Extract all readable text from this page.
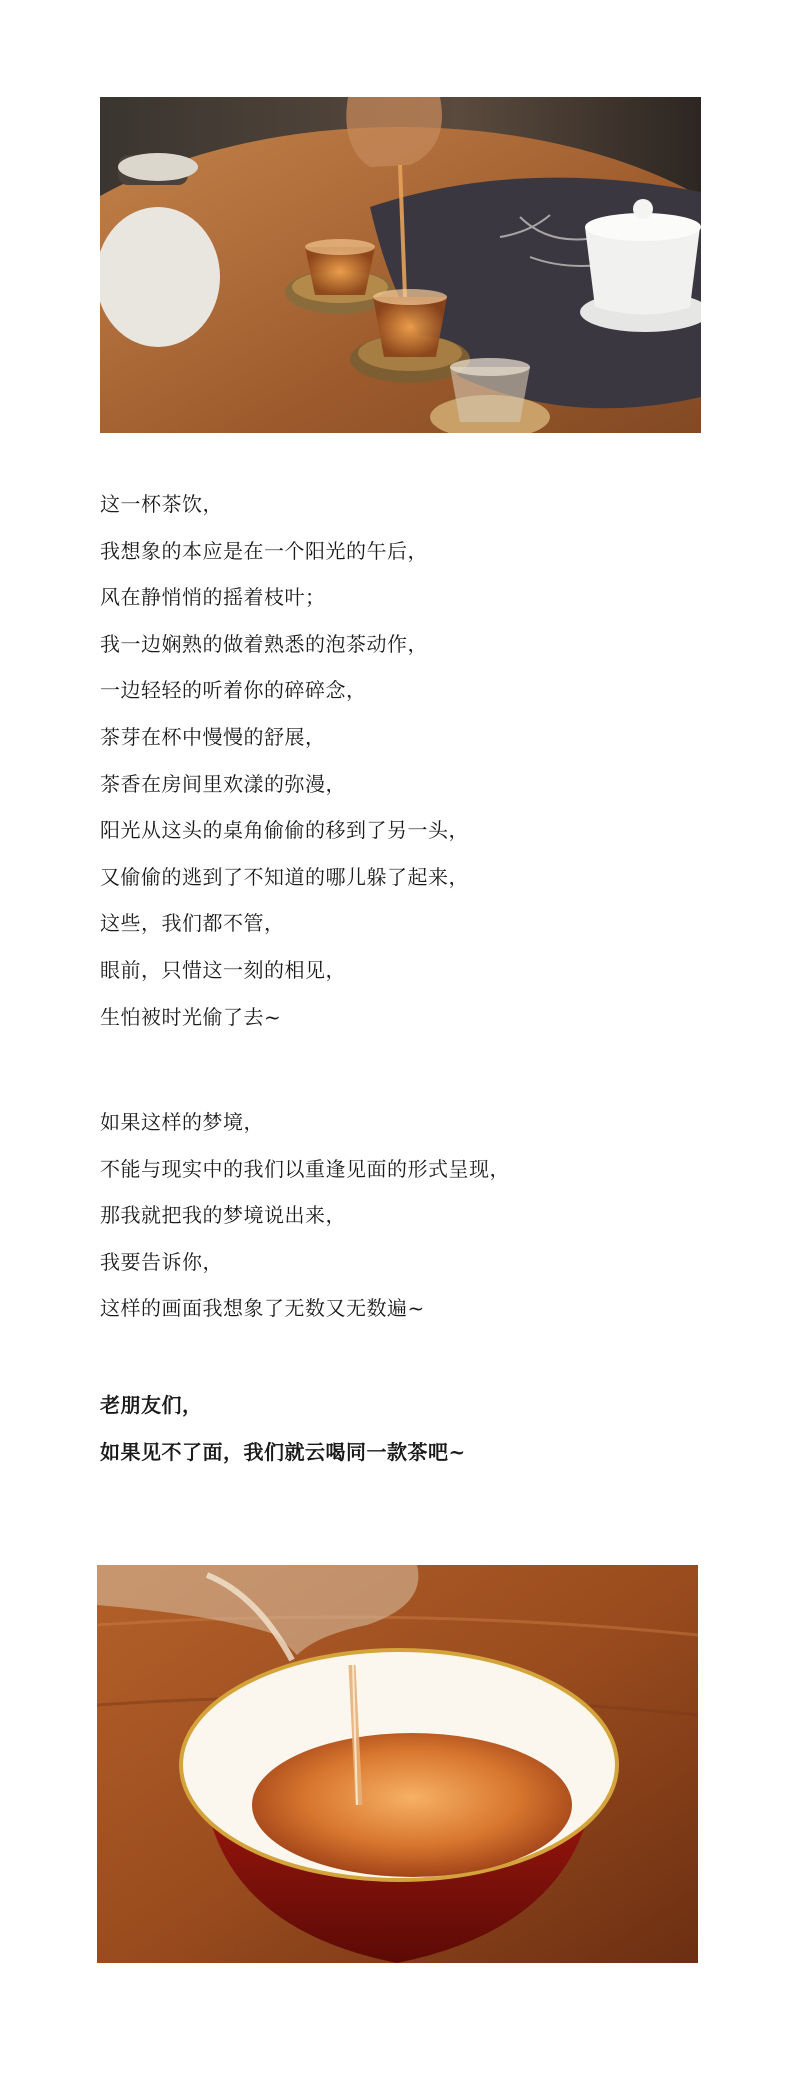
这一杯茶饮，
我想象的本应是在一个阳光的午后，
风在静悄悄的摇着枝叶；
我一边娴熟的做着熟悉的泡茶动作，
一边轻轻的听着你的碎碎念，
茶芽在杯中慢慢的舒展，
茶香在房间里欢漾的弥漫，
阳光从这头的桌角偷偷的移到了另一头，
又偷偷的逃到了不知道的哪儿躲了起来，
这些，我们都不管，
眼前，只惜这一刻的相见，
生怕被时光偷了去~
如果这样的梦境，
不能与现实中的我们以重逢见面的形式呈现，
那我就把我的梦境说出来，
我要告诉你，
这样的画面我想象了无数又无数遍~
老朋友们，
如果见不了面，我们就云喝同一款茶吧~
